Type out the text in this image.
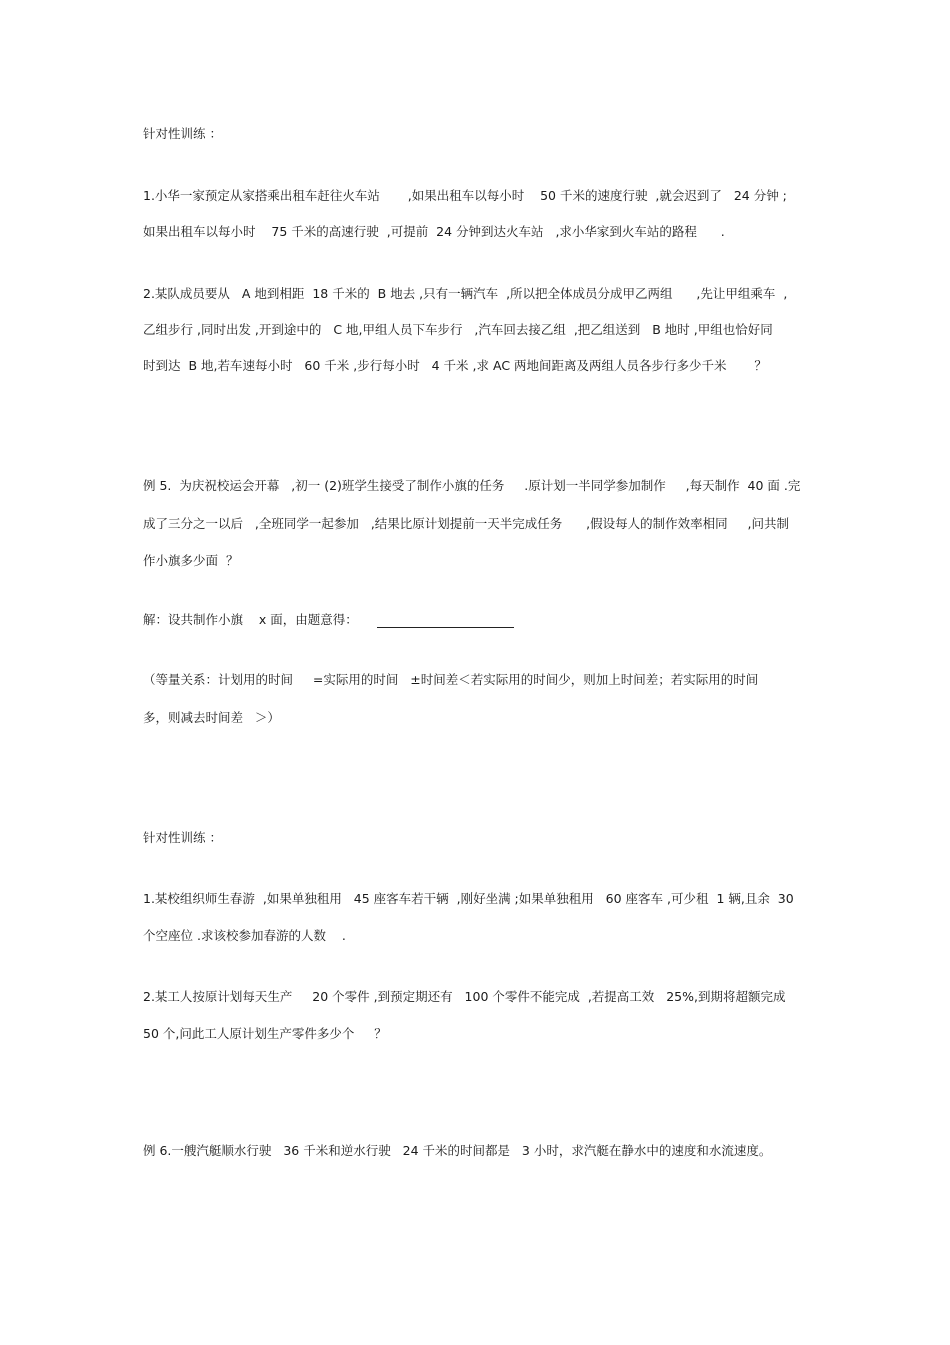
针对性训练 ：
1.小华一家预定从家搭乘出租车赶往火车站       ,如果出租车以每小时    50 千米的速度行驶  ,就会迟到了   24 分钟 ;
如果出租车以每小时    75 千米的高速行驶  ,可提前  24 分钟到达火车站   ,求小华家到火车站的路程      .
2.某队成员要从   A 地到相距  18 千米的  B 地去 ,只有一辆汽车  ,所以把全体成员分成甲乙两组      ,先让甲组乘车  ,
乙组步行 ,同时出发 ,开到途中的   C 地,甲组人员下车步行   ,汽车回去接乙组  ,把乙组送到   B 地时 ,甲组也恰好同
时到达  B 地,若车速每小时   60 千米 ,步行每小时   4 千米 ,求 AC 两地间距离及两组人员各步行多少千米       ？
例 5.  为庆祝校运会开幕   ,初一 (2)班学生接受了制作小旗的任务     .原计划一半同学参加制作     ,每天制作  40 面 .完
成了三分之一以后   ,全班同学一起参加   ,结果比原计划提前一天半完成任务      ,假设每人的制作效率相同     ,问共制
作小旗多少面  ？
解：设共制作小旗    x 面，由题意得：
（等量关系：计划用的时间     =实际用的时间   ±时间差＜若实际用的时间少，则加上时间差；若实际用的时间
多，则减去时间差   ＞）
针对性训练 ：
1.某校组织师生春游  ,如果单独租用   45 座客车若干辆  ,刚好坐满 ;如果单独租用   60 座客车 ,可少租  1 辆,且余  30
个空座位 .求该校参加春游的人数    .
2.某工人按原计划每天生产     20 个零件 ,到预定期还有   100 个零件不能完成  ,若提高工效   25%,到期将超额完成
50 个,问此工人原计划生产零件多少个     ？
例 6.一艘汽艇顺水行驶   36 千米和逆水行驶   24 千米的时间都是   3 小时，求汽艇在静水中的速度和水流速度。
